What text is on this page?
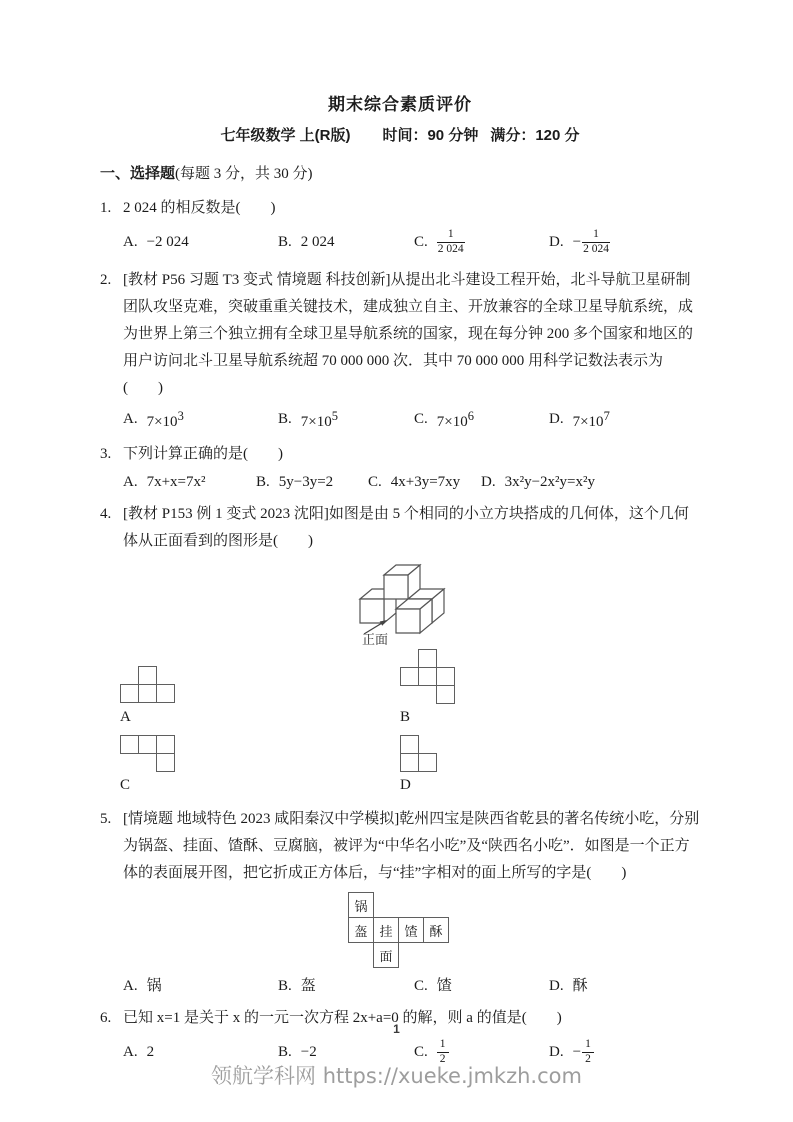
期末综合素质评价
七年级数学 上(R版) 时间：90 分钟 满分：120 分
一、选择题(每题 3 分，共 30 分)
1. 2 024 的相反数是(　　)
A. −2 024	B. 2 024	C. $\frac{1}{2 024}$	D. − $\frac{1}{2 024}$
2. [教材 P56 习题 T3 变式 情境题 科技创新]从提出北斗建设工程开始，北斗导航卫星研制团队攻坚克难，突破重重关键技术，建成独立自主、开放兼容的全球卫星导航系统，成为世界上第三个独立拥有全球卫星导航系统的国家，现在每分钟 200 多个国家和地区的用户访问北斗卫星导航系统超 70 000 000 次．其中 70 000 000 用科学记数法表示为(　　)
A. $7\times 10^3$	B. $7\times 10^5$	C. $7\times 10^6$	D. $7\times 10^7$
3. 下列计算正确的是(　　)
A. 7x+x=7x²	B. 5y−3y=2 C. 4x+3y=7xy D. 3x²y−2x²y=x²y
4. [教材 P153 例 1 变式 2023 沈阳]如图是由 5 个相同的小立方块搭成的几何体，这个几何体从正面看到的图形是(　　)
正面
A	B
C	D
5. [情境题 地域特色 2023 咸阳秦汉中学模拟]乾州四宝是陕西省乾县的著名传统小吃，分别为锅盔、挂面、馇酥、豆腐脑，被评为“中华名小吃”及“陕西名小吃”．如图是一个正方体的表面展开图，把它折成正方体后，与“挂”字相对的面上所写的字是(　　)
锅
盔 挂 馇 酥
面
A. 锅	B. 盔	C. 馇	D. 酥
6. 已知 x=1 是关于 x 的一元一次方程 2x+a=0 的解，则 a 的值是(　　)
A. 2	B. −2	C. $\frac{1}{2}$	D. − $\frac{1}{2}$
1
领航学科网 https://xueke.jmkzh.com
